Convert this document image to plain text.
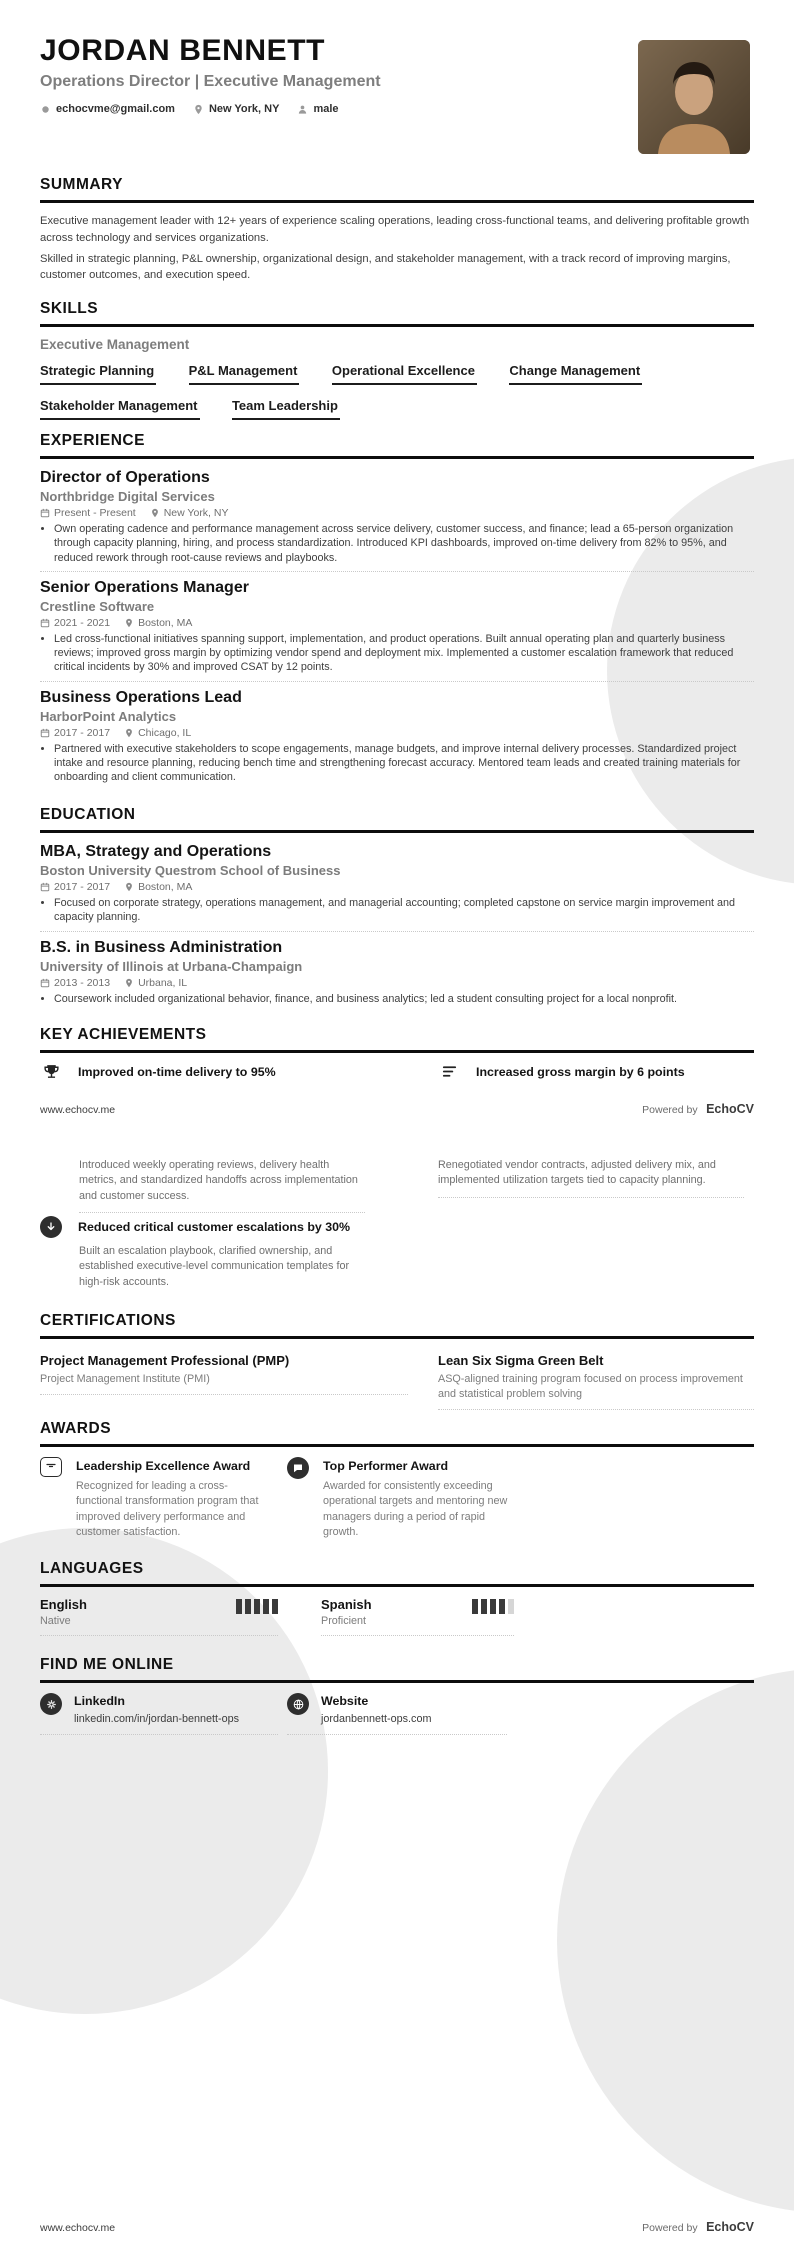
JORDAN BENNETT
Operations Director | Executive Management
echocvme@gmail.com	New York, NY	male
SUMMARY

Executive management leader with 12+ years of experience scaling operations, leading cross-functional teams, and delivering profitable growth across technology and services organizations.

Skilled in strategic planning, P&L ownership, organizational design, and stakeholder management, with a track record of improving margins, customer outcomes, and execution speed.

SKILLS
Executive Management
Strategic Planning	P&L Management	Operational Excellence	Change Management Stakeholder Management	Team Leadership
EXPERIENCE
Director of Operations
Northbridge Digital Services
Present - Present	New York, NY
• Own operating cadence and performance management across service delivery, customer success, and finance; lead a 65-person organization through capacity planning, hiring, and process standardization. Introduced KPI dashboards, improved on-time delivery from 82% to 95%, and reduced rework through root-cause reviews and playbooks.
Senior Operations Manager
Crestline Software
2021 - 2021	Boston, MA
• Led cross-functional initiatives spanning support, implementation, and product operations. Built annual operating plan and quarterly business reviews; improved gross margin by optimizing vendor spend and deployment mix. Implemented a customer escalation framework that reduced critical incidents by 30% and improved CSAT by 12 points.
Business Operations Lead
HarborPoint Analytics
2017 - 2017	Chicago, IL
• Partnered with executive stakeholders to scope engagements, manage budgets, and improve internal delivery processes. Standardized project intake and resource planning, reducing bench time and strengthening forecast accuracy. Mentored team leads and created training materials for onboarding and client communication.
EDUCATION
MBA, Strategy and Operations
Boston University Questrom School of Business
2017 - 2017	Boston, MA
• Focused on corporate strategy, operations management, and managerial accounting; completed capstone on service margin improvement and capacity planning.
B.S. in Business Administration
University of Illinois at Urbana-Champaign
2013 - 2013	Urbana, IL
• Coursework included organizational behavior, finance, and business analytics; led a student consulting project for a local nonprofit.
KEY ACHIEVEMENTS
Improved on-time delivery to 95%	Increased gross margin by 6 points
www.echocv.me	Powered by EchoCV
Introduced weekly operating reviews, delivery health metrics, and standardized handoffs across implementation and customer success.
Renegotiated vendor contracts, adjusted delivery mix, and implemented utilization targets tied to capacity planning.
Reduced critical customer escalations by 30%
Built an escalation playbook, clarified ownership, and established executive-level communication templates for high-risk accounts.
CERTIFICATIONS
Project Management Professional (PMP)
Project Management Institute (PMI)
Lean Six Sigma Green Belt
ASQ-aligned training program focused on process improvement and statistical problem solving
AWARDS
Leadership Excellence Award
Recognized for leading a cross-functional transformation program that improved delivery performance and customer satisfaction.
Top Performer Award
Awarded for consistently exceeding operational targets and mentoring new managers during a period of rapid growth.
LANGUAGES
English
Native
Spanish
Proficient
FIND ME ONLINE
LinkedIn
linkedin.com/in/jordan-bennett-ops
Website
jordanbennett-ops.com
www.echocv.me	Powered by EchoCV
